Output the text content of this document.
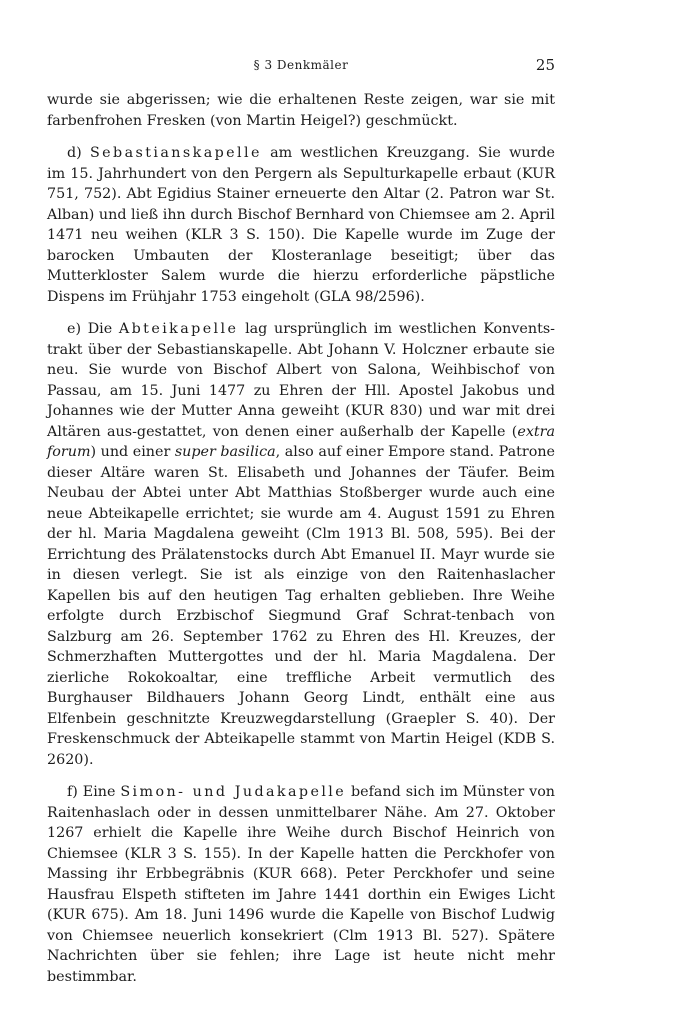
§ 3 Denkmäler	25

wurde sie abgerissen; wie die erhaltenen Reste zeigen, war sie mit farbenfrohen Fresken (von Martin Heigel?) geschmückt.

d) Sebastianskapelle am westlichen Kreuzgang. Sie wurde im 15. Jahrhundert von den Pergern als Sepulturkapelle erbaut (KUR 751, 752). Abt Egidius Stainer erneuerte den Altar (2. Patron war St. Alban) und ließ ihn durch Bischof Bernhard von Chiemsee am 2. April 1471 neu weihen (KLR 3 S. 150). Die Kapelle wurde im Zuge der barocken Umbauten der Klosteranlage beseitigt; über das Mutterkloster Salem wurde die hierzu erforderliche päpstliche Dispens im Frühjahr 1753 eingeholt (GLA 98/2596).

e) Die Abteikapelle lag ursprünglich im westlichen Konvents-trakt über der Sebastianskapelle. Abt Johann V. Holczner erbaute sie neu. Sie wurde von Bischof Albert von Salona, Weihbischof von Passau, am 15. Juni 1477 zu Ehren der Hll. Apostel Jakobus und Johannes wie der Mutter Anna geweiht (KUR 830) und war mit drei Altären aus-gestattet, von denen einer außerhalb der Kapelle (extra forum) und einer super basilica, also auf einer Empore stand. Patrone dieser Altäre waren St. Elisabeth und Johannes der Täufer. Beim Neubau der Abtei unter Abt Matthias Stoßberger wurde auch eine neue Abteikapelle errichtet; sie wurde am 4. August 1591 zu Ehren der hl. Maria Magdalena geweiht (Clm 1913 Bl. 508, 595). Bei der Errichtung des Prälatenstocks durch Abt Emanuel II. Mayr wurde sie in diesen verlegt. Sie ist als einzige von den Raitenhaslacher Kapellen bis auf den heutigen Tag erhalten geblieben. Ihre Weihe erfolgte durch Erzbischof Siegmund Graf Schrat-tenbach von Salzburg am 26. September 1762 zu Ehren des Hl. Kreuzes, der Schmerzhaften Muttergottes und der hl. Maria Magdalena. Der zierliche Rokokoaltar, eine treffliche Arbeit vermutlich des Burghauser Bildhauers Johann Georg Lindt, enthält eine aus Elfenbein geschnitzte Kreuzwegdarstellung (Graepler S. 40). Der Freskenschmuck der Abteikapelle stammt von Martin Heigel (KDB S. 2620).

f) Eine Simon- und Judakapelle befand sich im Münster von Raitenhaslach oder in dessen unmittelbarer Nähe. Am 27. Oktober 1267 erhielt die Kapelle ihre Weihe durch Bischof Heinrich von Chiemsee (KLR 3 S. 155). In der Kapelle hatten die Perckhofer von Massing ihr Erbbegräbnis (KUR 668). Peter Perckhofer und seine Hausfrau Elspeth stifteten im Jahre 1441 dorthin ein Ewiges Licht (KUR 675). Am 18. Juni 1496 wurde die Kapelle von Bischof Ludwig von Chiemsee neuerlich konsekriert (Clm 1913 Bl. 527). Spätere Nachrichten über sie fehlen; ihre Lage ist heute nicht mehr bestimmbar.
